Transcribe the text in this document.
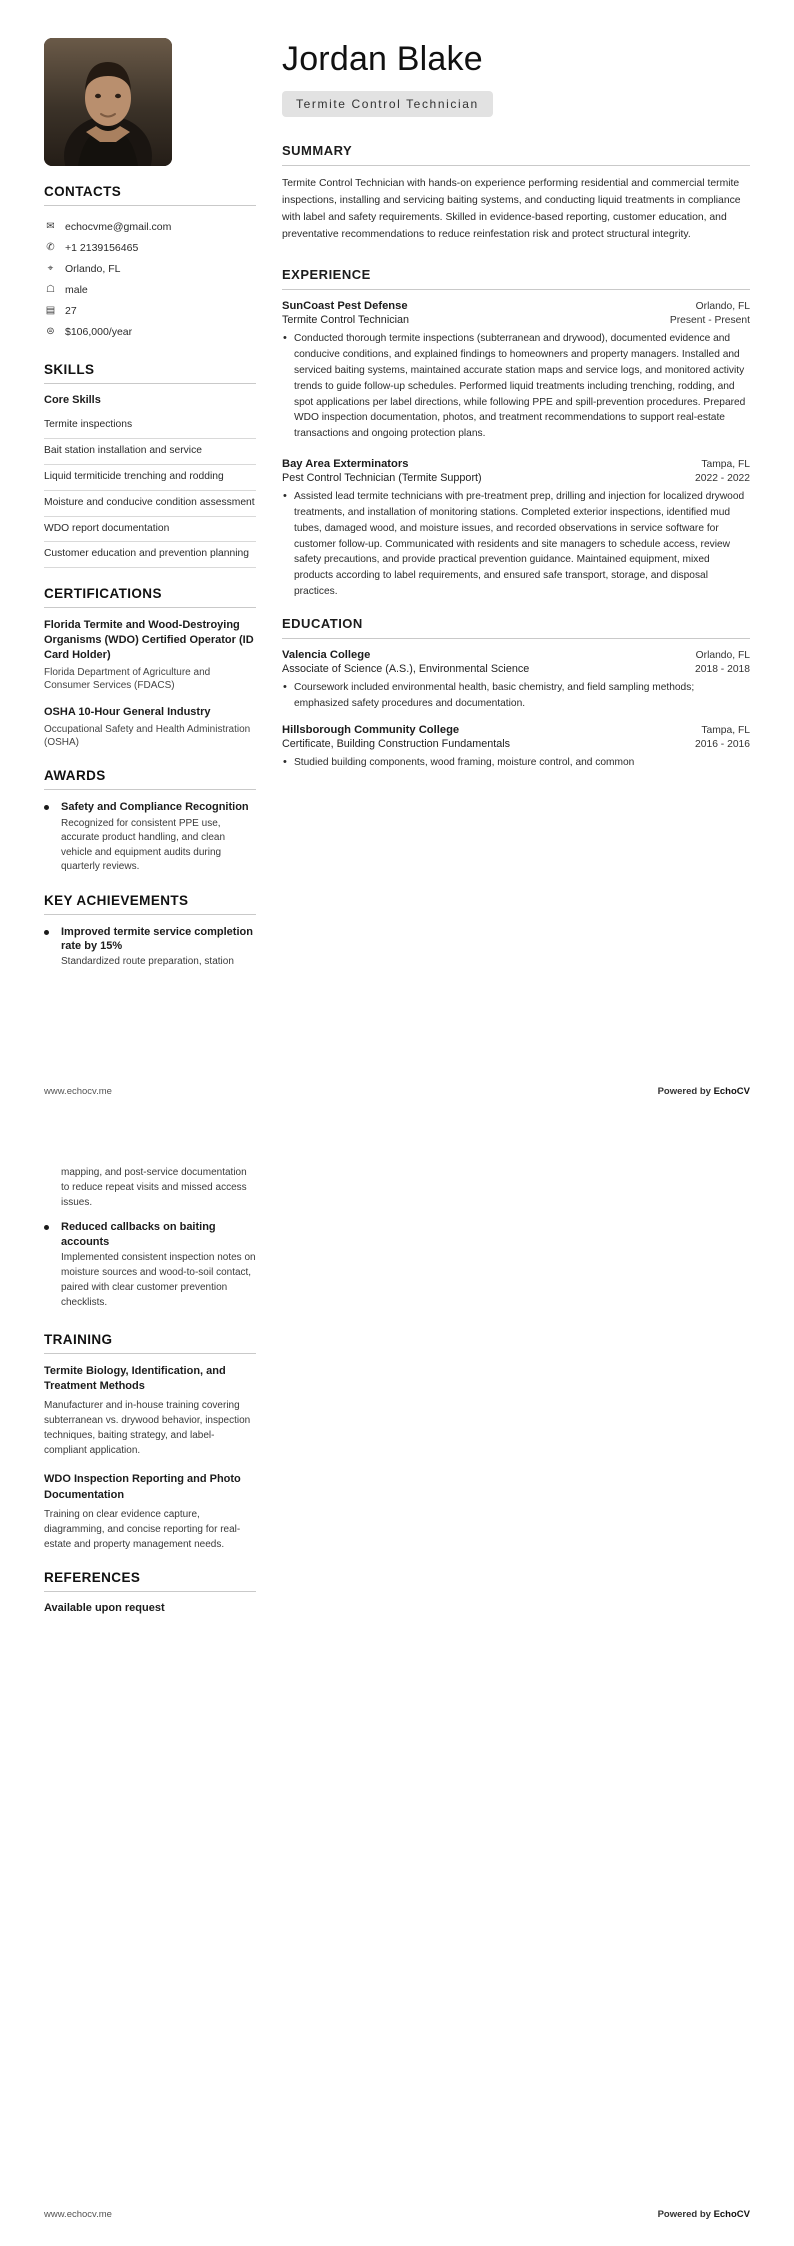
CONTACTS
✉ echocvme@gmail.com
✆ +1 2139156465
⌖	Orlando, FL
☖ male
▤ 27
⊜ $106,000/year
SKILLS
Core Skills
Termite inspections
Bait station installation and service
Liquid termiticide trenching and rodding
Moisture and conducive condition assessment
WDO report documentation
Customer education and prevention planning
CERTIFICATIONS
Florida Termite and Wood-Destroying Organisms (WDO) Certified Operator (ID Card Holder)
Florida Department of Agriculture and Consumer Services (FDACS)
OSHA 10-Hour General Industry
Occupational Safety and Health Administration (OSHA)
AWARDS
Safety and Compliance Recognition
Recognized for consistent PPE use, accurate product handling, and clean vehicle and equipment audits during quarterly reviews.
KEY ACHIEVEMENTS
Improved termite service completion rate by 15%
Standardized route preparation, station
Jordan Blake
Termite Control Technician
SUMMARY
Termite Control Technician with hands-on experience performing residential and commercial termite inspections, installing and servicing baiting systems, and conducting liquid treatments in compliance with label and safety requirements. Skilled in evidence-based reporting, customer education, and preventative recommendations to reduce reinfestation risk and protect structural integrity.
EXPERIENCE
SunCoast Pest Defense	Orlando, FL
Termite Control Technician	Present - Present
• Conducted thorough termite inspections (subterranean and drywood), documented evidence and conducive conditions, and explained findings to homeowners and property managers. Installed and serviced baiting systems, maintained accurate station maps and service logs, and monitored activity trends to guide follow-up schedules. Performed liquid treatments including trenching, rodding, and spot applications per label directions, while following PPE and spill-prevention procedures. Prepared WDO inspection documentation, photos, and treatment recommendations to support real-estate transactions and ongoing protection plans.
Bay Area Exterminators	Tampa, FL
Pest Control Technician (Termite Support)	2022 - 2022
• Assisted lead termite technicians with pre-treatment prep, drilling and injection for localized drywood treatments, and installation of monitoring stations. Completed exterior inspections, identified mud tubes, damaged wood, and moisture issues, and recorded observations in service software for customer follow-up. Communicated with residents and site managers to schedule access, review safety precautions, and provide practical prevention guidance. Maintained equipment, mixed products according to label requirements, and ensured safe transport, storage, and disposal practices.
EDUCATION
Valencia College	Orlando, FL
Associate of Science (A.S.), Environmental Science	2018 - 2018
• Coursework included environmental health, basic chemistry, and field sampling methods; emphasized safety procedures and documentation.
Hillsborough Community College	Tampa, FL
Certificate, Building Construction Fundamentals	2016 - 2016
• Studied building components, wood framing, moisture control, and common
www.echocv.me	Powered by EchoCV
mapping, and post-service documentation to reduce repeat visits and missed access issues.
Reduced callbacks on baiting accounts
Implemented consistent inspection notes on moisture sources and wood-to-soil contact, paired with clear customer prevention checklists.
TRAINING
Termite Biology, Identification, and Treatment Methods
Manufacturer and in-house training covering subterranean vs. drywood behavior, inspection techniques, baiting strategy, and label-compliant application.
WDO Inspection Reporting and Photo Documentation
Training on clear evidence capture, diagramming, and concise reporting for real-estate and property management needs.
REFERENCES
Available upon request
www.echocv.me	Powered by EchoCV
